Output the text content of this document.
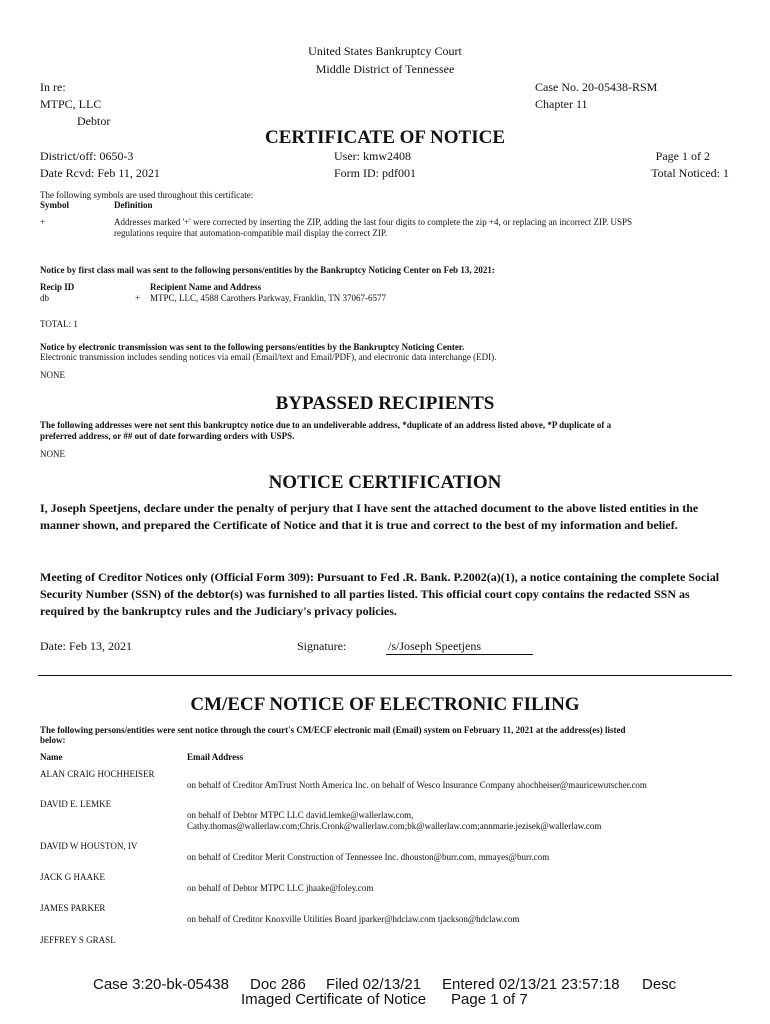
United States Bankruptcy Court
Middle District of Tennessee
In re:
MTPC, LLC
Debtor
Case No. 20-05438-RSM
Chapter 11
CERTIFICATE OF NOTICE
District/off: 0650-3
Date Rcvd: Feb 11, 2021
User: kmw2408
Form ID: pdf001
Page 1 of 2
Total Noticed: 1
The following symbols are used throughout this certificate:
Symbol	Definition
+	Addresses marked '+' were corrected by inserting the ZIP, adding the last four digits to complete the zip +4, or replacing an incorrect ZIP. USPS
regulations require that automation-compatible mail display the correct ZIP.
Notice by first class mail was sent to the following persons/entities by the Bankruptcy Noticing Center on Feb 13, 2021:
Recip ID	Recipient Name and Address
db	+ MTPC, LLC, 4588 Carothers Parkway, Franklin, TN 37067-6577
TOTAL: 1
Notice by electronic transmission was sent to the following persons/entities by the Bankruptcy Noticing Center.
Electronic transmission includes sending notices via email (Email/text and Email/PDF), and electronic data interchange (EDI).
NONE
BYPASSED RECIPIENTS
The following addresses were not sent this bankruptcy notice due to an undeliverable address, *duplicate of an address listed above, *P duplicate of a
preferred address, or ## out of date forwarding orders with USPS.
NONE
NOTICE CERTIFICATION
I, Joseph Speetjens, declare under the penalty of perjury that I have sent the attached document to the above listed entities in the manner shown, and prepared the Certificate of Notice and that it is true and correct to the best of my information and belief.
Meeting of Creditor Notices only (Official Form 309): Pursuant to Fed .R. Bank. P.2002(a)(1), a notice containing the complete Social Security Number (SSN) of the debtor(s) was furnished to all parties listed. This official court copy contains the redacted SSN as required by the bankruptcy rules and the Judiciary's privacy policies.
Date: Feb 13, 2021	Signature:	/s/Joseph Speetjens
CM/ECF NOTICE OF ELECTRONIC FILING
The following persons/entities were sent notice through the court's CM/ECF electronic mail (Email) system on February 11, 2021 at the address(es) listed
below:
Name	Email Address
ALAN CRAIG HOCHHEISER
on behalf of Creditor AmTrust North America Inc. on behalf of Wesco Insurance Company ahochheiser@mauricewutscher.com
DAVID E. LEMKE
on behalf of Debtor MTPC LLC david.lemke@wallerlaw.com,
Cathy.thomas@wallerlaw.com;Chris.Cronk@wallerlaw.com;bk@wallerlaw.com;annmarie.jezisek@wallerlaw.com
DAVID W HOUSTON, IV
on behalf of Creditor Merit Construction of Tennessee Inc. dhouston@burr.com, mmayes@burr.com
JACK G HAAKE
on behalf of Debtor MTPC LLC jhaake@foley.com
JAMES PARKER
on behalf of Creditor Knoxville Utilities Board jparker@hdclaw.com tjackson@hdclaw.com
JEFFREY S GRASL
Case 3:20-bk-05438 Doc 286 Filed 02/13/21 Entered 02/13/21 23:57:18 Desc
Imaged Certificate of Notice Page 1 of 7
